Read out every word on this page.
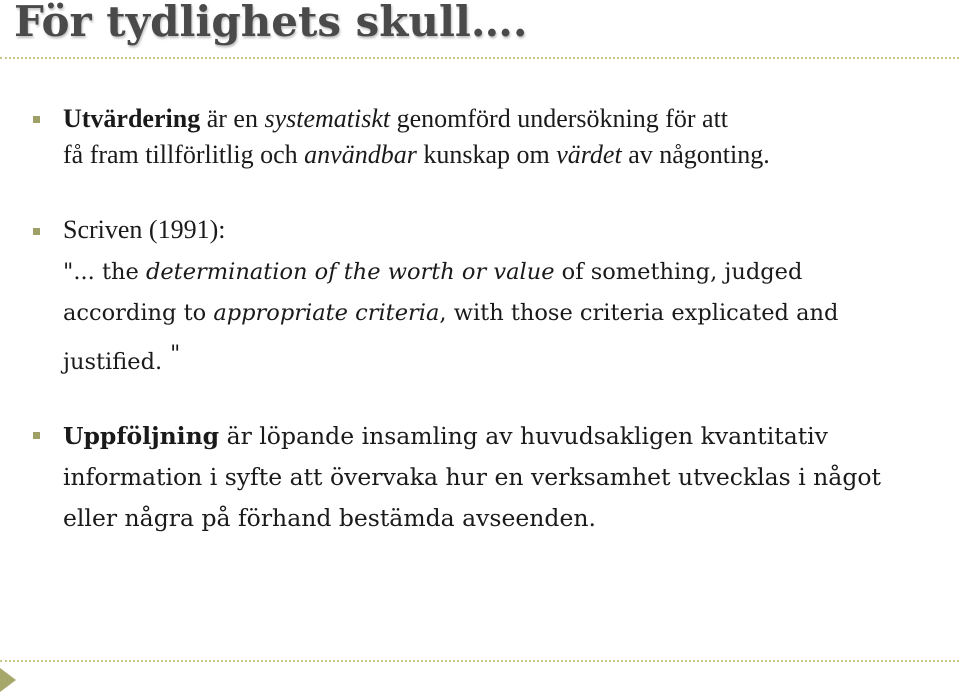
För tydlighets skull….

Utvärdering är en systematiskt genomförd undersökning för att
få fram tillförlitlig och användbar kunskap om värdet av någonting.

Scriven (1991):

"... the determination of the worth or value of something, judged
according to appropriate criteria, with those criteria explicated and
justified. "

Uppföljning är löpande insamling av huvudsakligen kvantitativ
information i syfte att övervaka hur en verksamhet utvecklas i något
eller några på förhand bestämda avseenden.
